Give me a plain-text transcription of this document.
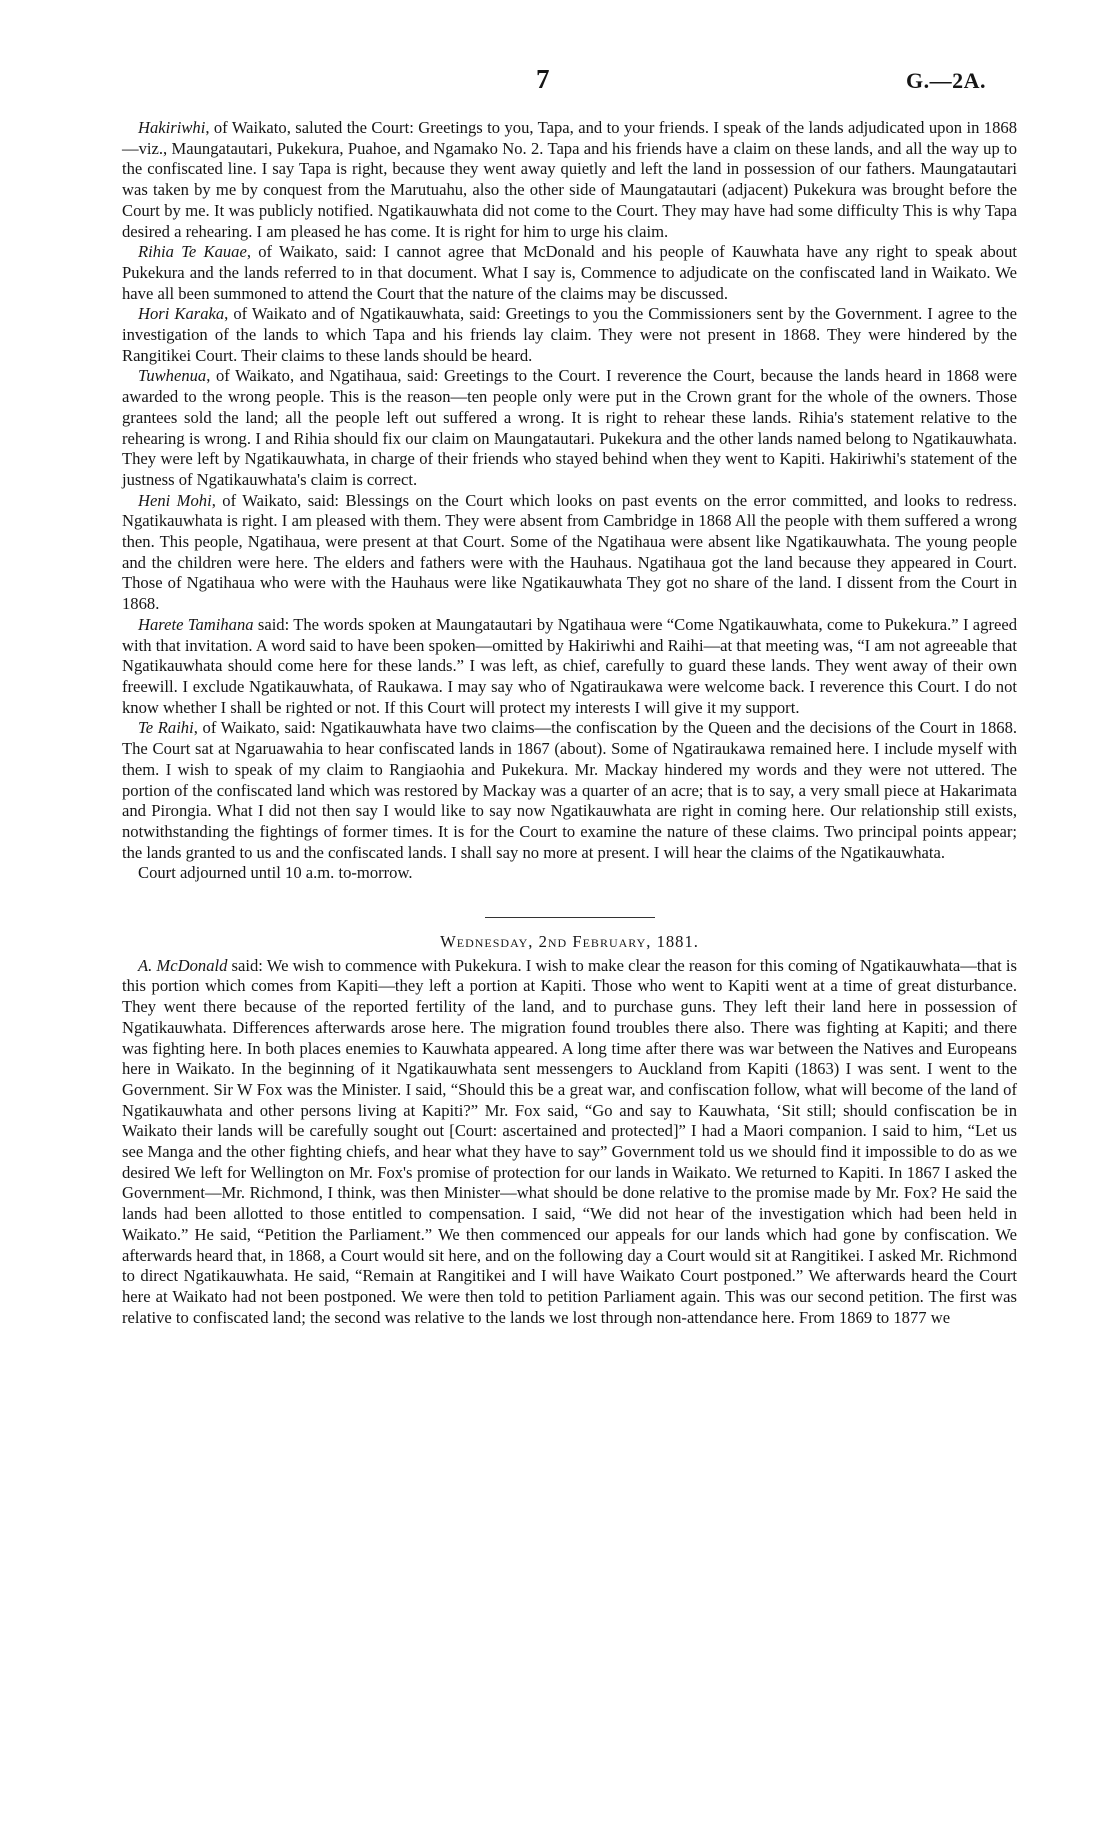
7	G.—2A.

Hakiriwhi, of Waikato, saluted the Court: Greetings to you, Tapa, and to your friends. I speak of the lands adjudicated upon in 1868—viz., Maungatautari, Pukekura, Puahoe, and Ngamako No. 2. Tapa and his friends have a claim on these lands, and all the way up to the confiscated line. I say Tapa is right, because they went away quietly and left the land in possession of our fathers. Maungatautari was taken by me by conquest from the Marutuahu, also the other side of Maungatautari (adjacent) Pukekura was brought before the Court by me. It was publicly notified. Ngatikauwhata did not come to the Court. They may have had some difficulty This is why Tapa desired a rehearing. I am pleased he has come. It is right for him to urge his claim.

Rihia Te Kauae, of Waikato, said: I cannot agree that McDonald and his people of Kauwhata have any right to speak about Pukekura and the lands referred to in that document. What I say is, Commence to adjudicate on the confiscated land in Waikato. We have all been summoned to attend the Court that the nature of the claims may be discussed.

Hori Karaka, of Waikato and of Ngatikauwhata, said: Greetings to you the Commissioners sent by the Government. I agree to the investigation of the lands to which Tapa and his friends lay claim. They were not present in 1868. They were hindered by the Rangitikei Court. Their claims to these lands should be heard.

Tuwhenua, of Waikato, and Ngatihaua, said: Greetings to the Court. I reverence the Court, because the lands heard in 1868 were awarded to the wrong people. This is the reason—ten people only were put in the Crown grant for the whole of the owners. Those grantees sold the land; all the people left out suffered a wrong. It is right to rehear these lands. Rihia's statement relative to the rehearing is wrong. I and Rihia should fix our claim on Maungatautari. Pukekura and the other lands named belong to Ngatikauwhata. They were left by Ngatikauwhata, in charge of their friends who stayed behind when they went to Kapiti. Hakiriwhi's statement of the justness of Ngatikauwhata's claim is correct.

Heni Mohi, of Waikato, said: Blessings on the Court which looks on past events on the error committed, and looks to redress. Ngatikauwhata is right. I am pleased with them. They were absent from Cambridge in 1868 All the people with them suffered a wrong then. This people, Ngatihaua, were present at that Court. Some of the Ngatihaua were absent like Ngatikauwhata. The young people and the children were here. The elders and fathers were with the Hauhaus. Ngatihaua got the land because they appeared in Court. Those of Ngatihaua who were with the Hauhaus were like Ngatikauwhata They got no share of the land. I dissent from the Court in 1868.

Harete Tamihana said: The words spoken at Maungatautari by Ngatihaua were “Come Ngatikauwhata, come to Pukekura.” I agreed with that invitation. A word said to have been spoken—omitted by Hakiriwhi and Raihi—at that meeting was, “I am not agreeable that Ngatikauwhata should come here for these lands.” I was left, as chief, carefully to guard these lands. They went away of their own freewill. I exclude Ngatikauwhata, of Raukawa. I may say who of Ngatiraukawa were welcome back. I reverence this Court. I do not know whether I shall be righted or not. If this Court will protect my interests I will give it my support.

Te Raihi, of Waikato, said: Ngatikauwhata have two claims—the confiscation by the Queen and the decisions of the Court in 1868. The Court sat at Ngaruawahia to hear confiscated lands in 1867 (about). Some of Ngatiraukawa remained here. I include myself with them. I wish to speak of my claim to Rangiaohia and Pukekura. Mr. Mackay hindered my words and they were not uttered. The portion of the confiscated land which was restored by Mackay was a quarter of an acre; that is to say, a very small piece at Hakarimata and Pirongia. What I did not then say I would like to say now Ngatikauwhata are right in coming here. Our relationship still exists, notwithstanding the fightings of former times. It is for the Court to examine the nature of these claims. Two principal points appear; the lands granted to us and the confiscated lands. I shall say no more at present. I will hear the claims of the Ngatikauwhata.

Court adjourned until 10 a.m. to-morrow.

Wednesday, 2nd February, 1881.

A. McDonald said: We wish to commence with Pukekura. I wish to make clear the reason for this coming of Ngatikauwhata—that is this portion which comes from Kapiti—they left a portion at Kapiti. Those who went to Kapiti went at a time of great disturbance. They went there because of the reported fertility of the land, and to purchase guns. They left their land here in possession of Ngatikauwhata. Differences afterwards arose here. The migration found troubles there also. There was fighting at Kapiti; and there was fighting here. In both places enemies to Kauwhata appeared. A long time after there was war between the Natives and Europeans here in Waikato. In the beginning of it Ngatikauwhata sent messengers to Auckland from Kapiti (1863) I was sent. I went to the Government. Sir W Fox was the Minister. I said, “Should this be a great war, and confiscation follow, what will become of the land of Ngatikauwhata and other persons living at Kapiti?” Mr. Fox said, “Go and say to Kauwhata, ‘Sit still; should confiscation be in Waikato their lands will be carefully sought out [Court: ascertained and protected]” I had a Maori companion. I said to him, “Let us see Manga and the other fighting chiefs, and hear what they have to say” Government told us we should find it impossible to do as we desired We left for Wellington on Mr. Fox's promise of protection for our lands in Waikato. We returned to Kapiti. In 1867 I asked the Government—Mr. Richmond, I think, was then Minister—what should be done relative to the promise made by Mr. Fox? He said the lands had been allotted to those entitled to compensation. I said, “We did not hear of the investigation which had been held in Waikato.” He said, “Petition the Parliament.” We then commenced our appeals for our lands which had gone by confiscation. We afterwards heard that, in 1868, a Court would sit here, and on the following day a Court would sit at Rangitikei. I asked Mr. Richmond to direct Ngatikauwhata. He said, “Remain at Rangitikei and I will have Waikato Court postponed.” We afterwards heard the Court here at Waikato had not been postponed. We were then told to petition Parliament again. This was our second petition. The first was relative to confiscated land; the second was relative to the lands we lost through non-attendance here. From 1869 to 1877 we
